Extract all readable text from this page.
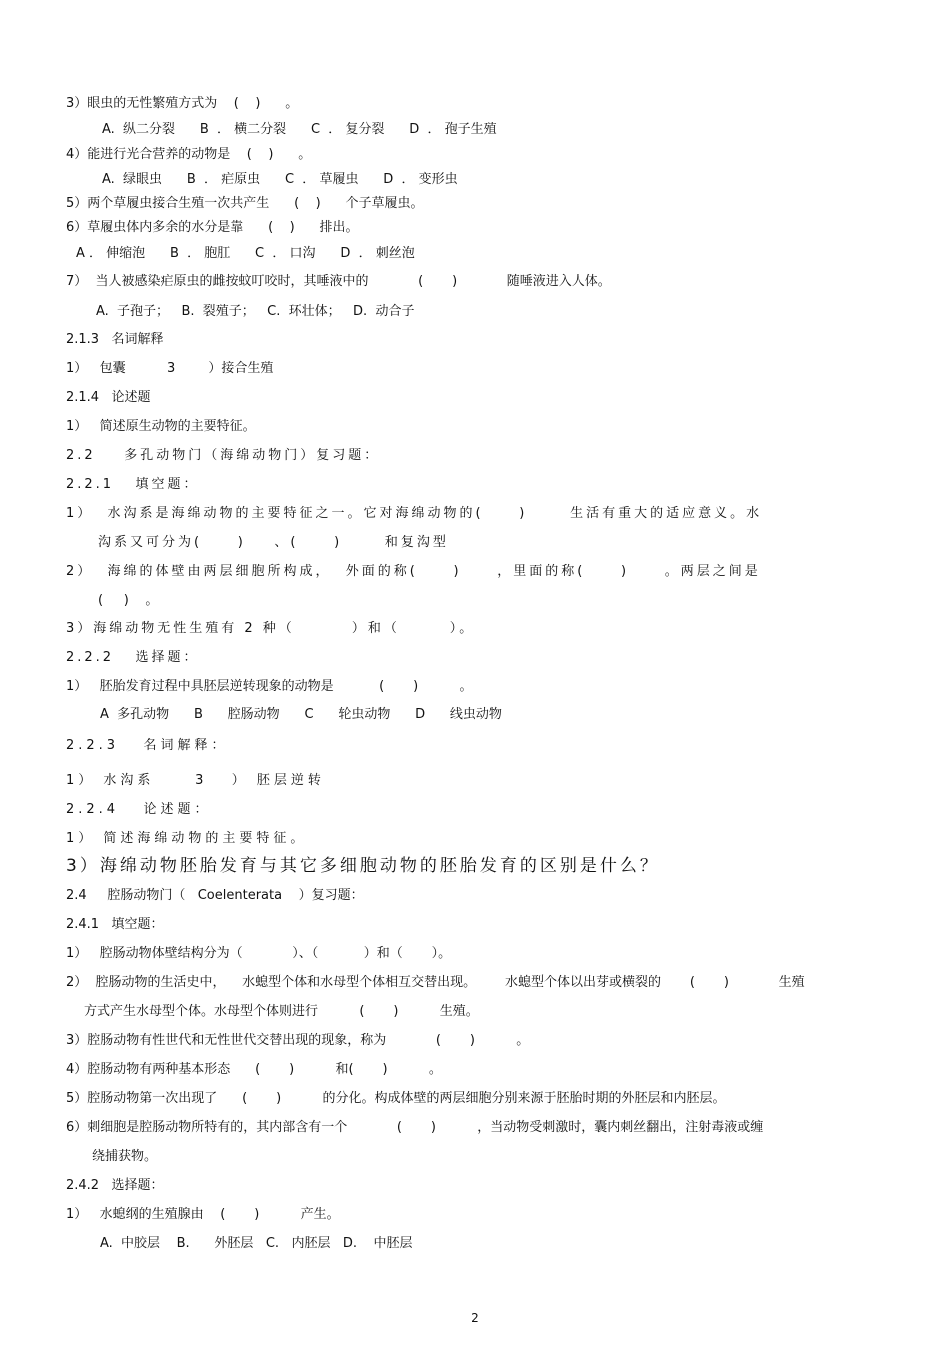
3）眼虫的无性繁殖方式为    (    )      。

A.  纵二分裂      B  ． 横二分裂      C  ． 复分裂      D  ． 孢子生殖

4）能进行光合营养的动物是    (    )      。

A.  绿眼虫      B  ． 疟原虫      C  ． 草履虫      D  ． 变形虫

5）两个草履虫接合生殖一次共产生      (    )      个子草履虫。

6）草履虫体内多余的水分是靠      (    )      排出。

A ． 伸缩泡      B  ． 胞肛      C  ． 口沟      D  ． 刺丝泡

7）  当人被感染疟原虫的雌按蚊叮咬时，其唾液中的            (       )            随唾液进入人体。

A.  子孢子；   B.  裂殖子；   C.  环壮体；   D.  动合子

2.1.3   名词解释

1）   包囊          3        ）接合生殖

2.1.4   论述题

1）   简述原生动物的主要特征。

2.2    多孔动物门（海绵动物门）复习题：

2.2.1   填空题：

1）  水沟系是海绵动物的主要特征之一。它对海绵动物的(     )      生活有重大的适应意义。水

沟系又可分为(     )    、(     )      和复沟型

2）  海绵的体壁由两层细胞所构成，  外面的称(     )     ，里面的称(     )     。两层之间是

(     )    。

3）海绵动物无性生殖有 2 种（        ）和（       ）。

2.2.2   选择题：

1）   胚胎发育过程中具胚层逆转现象的动物是           (       )          。

A  多孔动物      B      腔肠动物      C      轮虫动物      D      线虫动物

2.2.3   名词解释：

1） 水沟系     3   ） 胚层逆转

2.2.4   论述题：

1） 简述海绵动物的主要特征。

3）海绵动物胚胎发育与其它多细胞动物的胚胎发育的区别是什么？

2.4     腔肠动物门（   Coelenterata    ）复习题：

2.4.1   填空题：

1）   腔肠动物体壁结构分为（            ）、（           ）和（       ）。

2）  腔肠动物的生活史中，    水螅型个体和水母型个体相互交替出现。       水螅型个体以出芽或横裂的       (       )            生殖

方式产生水母型个体。水母型个体则进行          (       )          生殖。

3）腔肠动物有性世代和无性世代交替出现的现象，称为            (       )          。

4）腔肠动物有两种基本形态      (       )          和(       )          。

5）腔肠动物第一次出现了      (       )          的分化。构成体壁的两层细胞分别来源于胚胎时期的外胚层和内胚层。

6）刺细胞是腔肠动物所特有的，其内部含有一个            (       )          ，当动物受刺激时，囊内刺丝翻出，注射毒液或缠

绕捕获物。

2.4.2   选择题：

1）   水螅纲的生殖腺由    (       )          产生。

A.  中胶层    B.      外胚层   C.   内胚层   D.    中胚层

2
